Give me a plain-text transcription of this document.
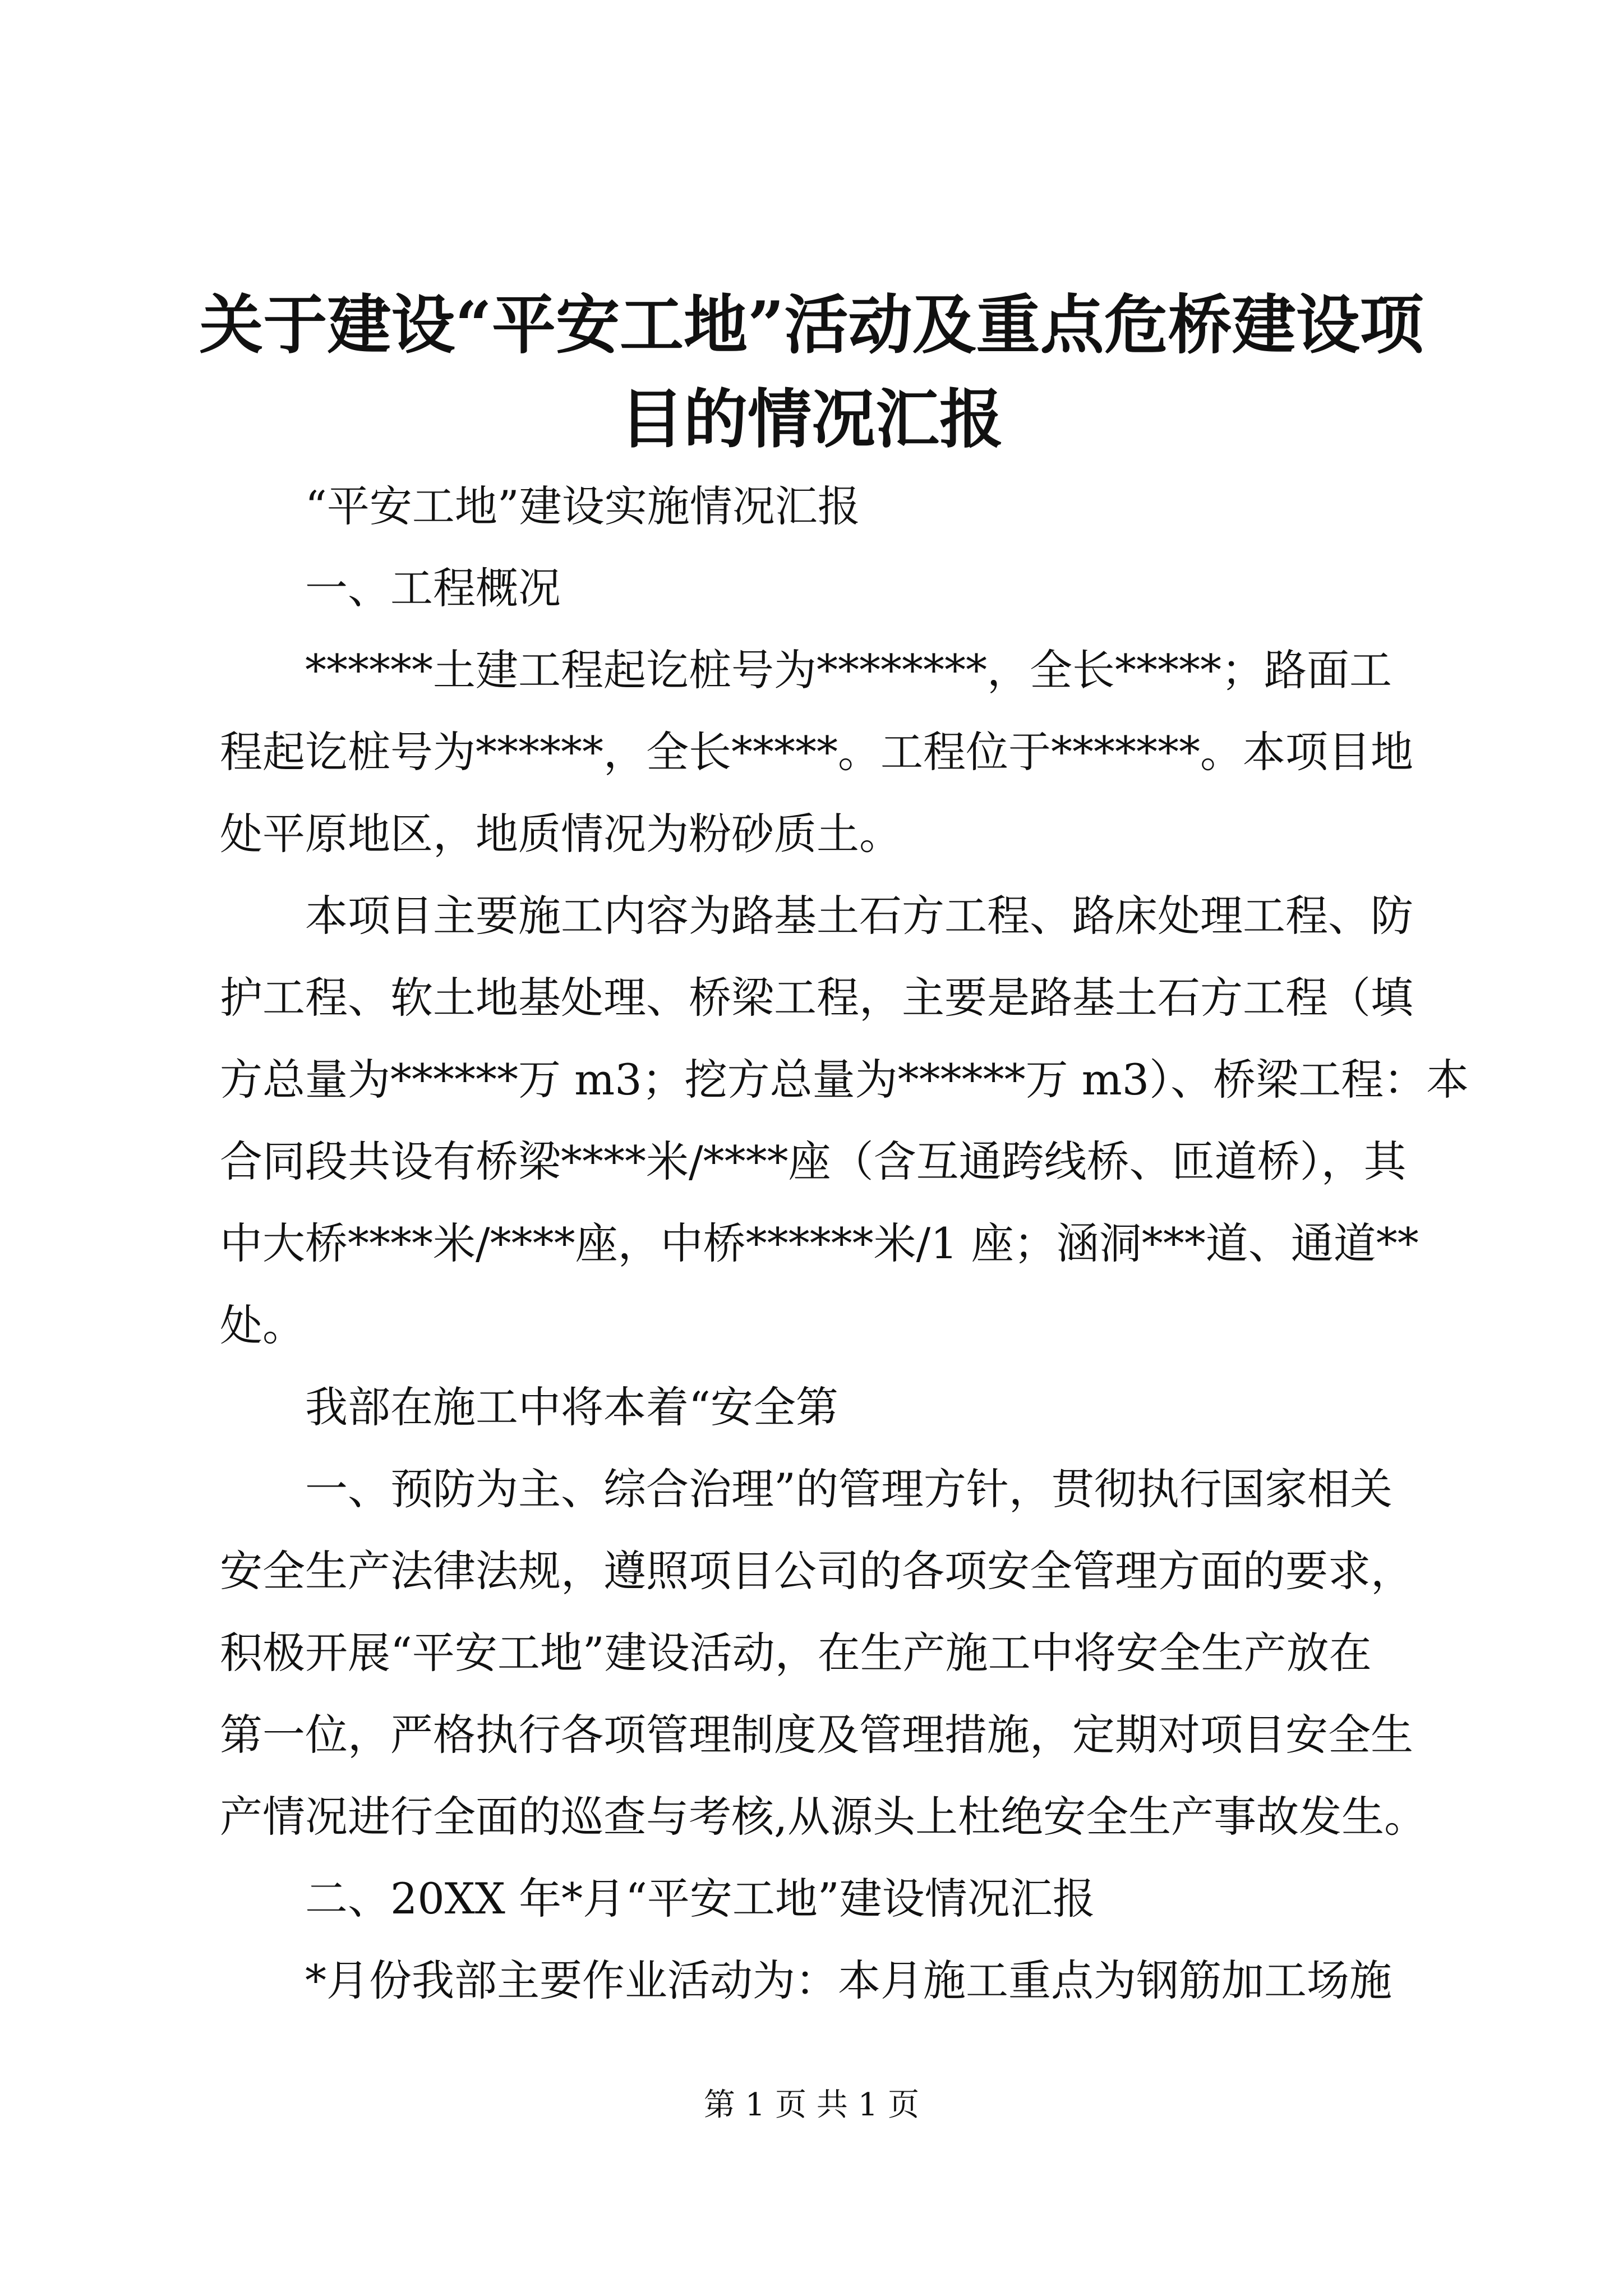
关于建设“平安工地”活动及重点危桥建设项
目的情况汇报
“平安工地”建设实施情况汇报
一、工程概况
******土建工程起讫桩号为********，全长*****；路面工
程起讫桩号为******，全长*****。工程位于*******。本项目地
处平原地区，地质情况为粉砂质土。
本项目主要施工内容为路基土石方工程、路床处理工程、防
护工程、软土地基处理、桥梁工程，主要是路基土石方工程（填
方总量为******万 m3；挖方总量为******万 m3）、桥梁工程：本
合同段共设有桥梁****米/****座（含互通跨线桥、匝道桥），其
中大桥****米/****座，中桥******米/1 座；涵洞***道、通道**
处。
我部在施工中将本着“安全第
一、预防为主、综合治理”的管理方针，贯彻执行国家相关
安全生产法律法规，遵照项目公司的各项安全管理方面的要求，
积极开展“平安工地”建设活动，在生产施工中将安全生产放在
第一位，严格执行各项管理制度及管理措施，定期对项目安全生
产情况进行全面的巡查与考核,从源头上杜绝安全生产事故发生。
二、20XX 年*月“平安工地”建设情况汇报
*月份我部主要作业活动为：本月施工重点为钢筋加工场施
第 1 页 共 1 页
